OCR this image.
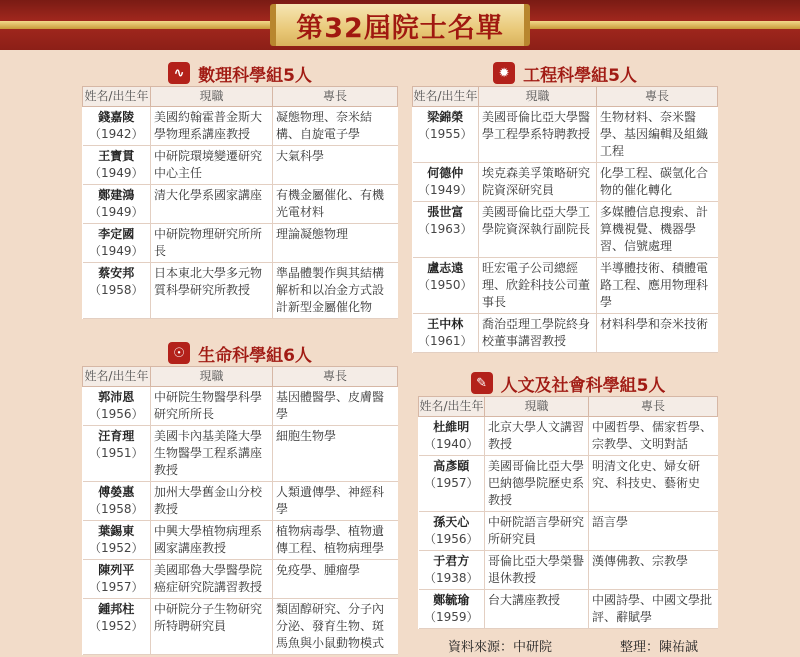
第32屆院士名單
∿ 數理科學組5人
姓名/出生年	現職	專長

錢嘉陵
（1942）	美國約翰霍普金斯大學物理系講座教授	凝態物理、奈米結構、自旋電子學

王寶貫
（1949）	中研院環境變遷研究中心主任	大氣科學

鄭建鴻
（1949）	清大化學系國家講座	有機金屬催化、有機光電材料

李定國
（1949）	中研院物理研究所所長	理論凝態物理

蔡安邦
（1958）	日本東北大學多元物質科學研究所教授	準晶體製作與其結構解析和以冶金方式設計新型金屬催化物
☉ 生命科學組6人
姓名/出生年	現職	專長

郭沛恩
（1956）	中研院生物醫學科學研究所所長	基因體醫學、皮膚醫學

汪育理
（1951）	美國卡內基美隆大學生物醫學工程系講座教授	細胞生物學

傅嫈惠
（1958）	加州大學舊金山分校教授	人類遺傳學、神經科學

葉錫東
（1952）	中興大學植物病理系國家講座教授	植物病毒學、植物遺傳工程、植物病理學

陳列平
（1957）	美國耶魯大學醫學院癌症研究院講習教授	免疫學、腫瘤學

鍾邦柱
（1952）	中研院分子生物研究所特聘研究員	類固醇研究、分子內分泌、發育生物、斑馬魚與小鼠動物模式
✹ 工程科學組5人
姓名/出生年	現職	專長

梁錦榮
（1955）	美國哥倫比亞大學醫學工程學系特聘教授	生物材料、奈米醫學、基因編輯及組織工程

何德仲
（1949）	埃克森美孚策略研究院資深研究員	化學工程、碳氫化合物的催化轉化

張世富
（1963）	美國哥倫比亞大學工學院資深執行副院長	多媒體信息搜索、計算機視覺、機器學習、信號處理

盧志遠
（1950）	旺宏電子公司總經理、欣銓科技公司董事長	半導體技術、積體電路工程、應用物理科學

王中林
（1961）	喬治亞理工學院終身校董事講習教授	材料科學和奈米技術
✎ 人文及社會科學組5人
姓名/出生年	現職	專長

杜維明
（1940）	北京大學人文講習教授	中國哲學、儒家哲學、宗教學、文明對話

高彥頤
（1957）	美國哥倫比亞大學巴納德學院歷史系教授	明清文化史、婦女研究、科技史、藝術史

孫天心
（1956）	中研院語言學研究所研究員	語言學

于君方
（1938）	哥倫比亞大學榮譽退休教授	漢傳佛教、宗教學

鄭毓瑜
（1959）	台大講座教授	中國詩學、中國文學批評、辭賦學
資料來源：中研院	整理：陳祐誠
